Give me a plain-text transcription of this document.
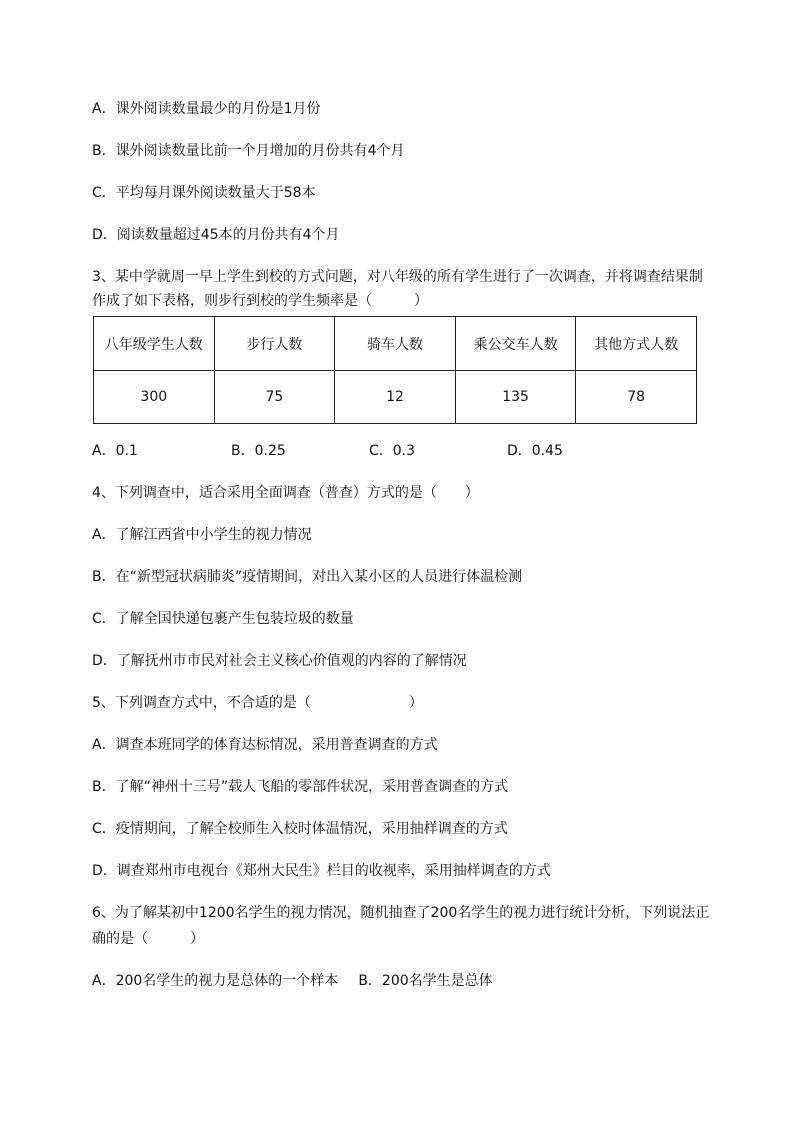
A．课外阅读数量最少的月份是1月份
B．课外阅读数量比前一个月增加的月份共有4个月
C．平均每月课外阅读数量大于58本
D．阅读数量超过45本的月份共有4个月
3、某中学就周一早上学生到校的方式问题，对八年级的所有学生进行了一次调查，并将调查结果制
作成了如下表格，则步行到校的学生频率是（　　　）
八年级学生人数	步行人数	骑车人数	乘公交车人数	其他方式人数
300	75	12	135	78
A．0.1	B．0.25	C．0.3	D．0.45
4、下列调查中，适合采用全面调查（普查）方式的是（　　）
A．了解江西省中小学生的视力情况
B．在“新型冠状病肺炎”疫情期间，对出入某小区的人员进行体温检测
C．了解全国快递包裹产生包装垃圾的数量
D．了解抚州市市民对社会主义核心价值观的内容的了解情况
5、下列调查方式中，不合适的是（　　　　　　　）
A．调查本班同学的体育达标情况，采用普查调查的方式
B．了解“神州十三号”载人飞船的零部件状况，采用普查调查的方式
C．疫情期间，了解全校师生入校时体温情况，采用抽样调查的方式
D．调查郑州市电视台《郑州大民生》栏目的收视率，采用抽样调查的方式
6、为了解某初中1200名学生的视力情况，随机抽查了200名学生的视力进行统计分析，下列说法正
确的是（　　　）
A．200名学生的视力是总体的一个样本 B．200名学生是总体
